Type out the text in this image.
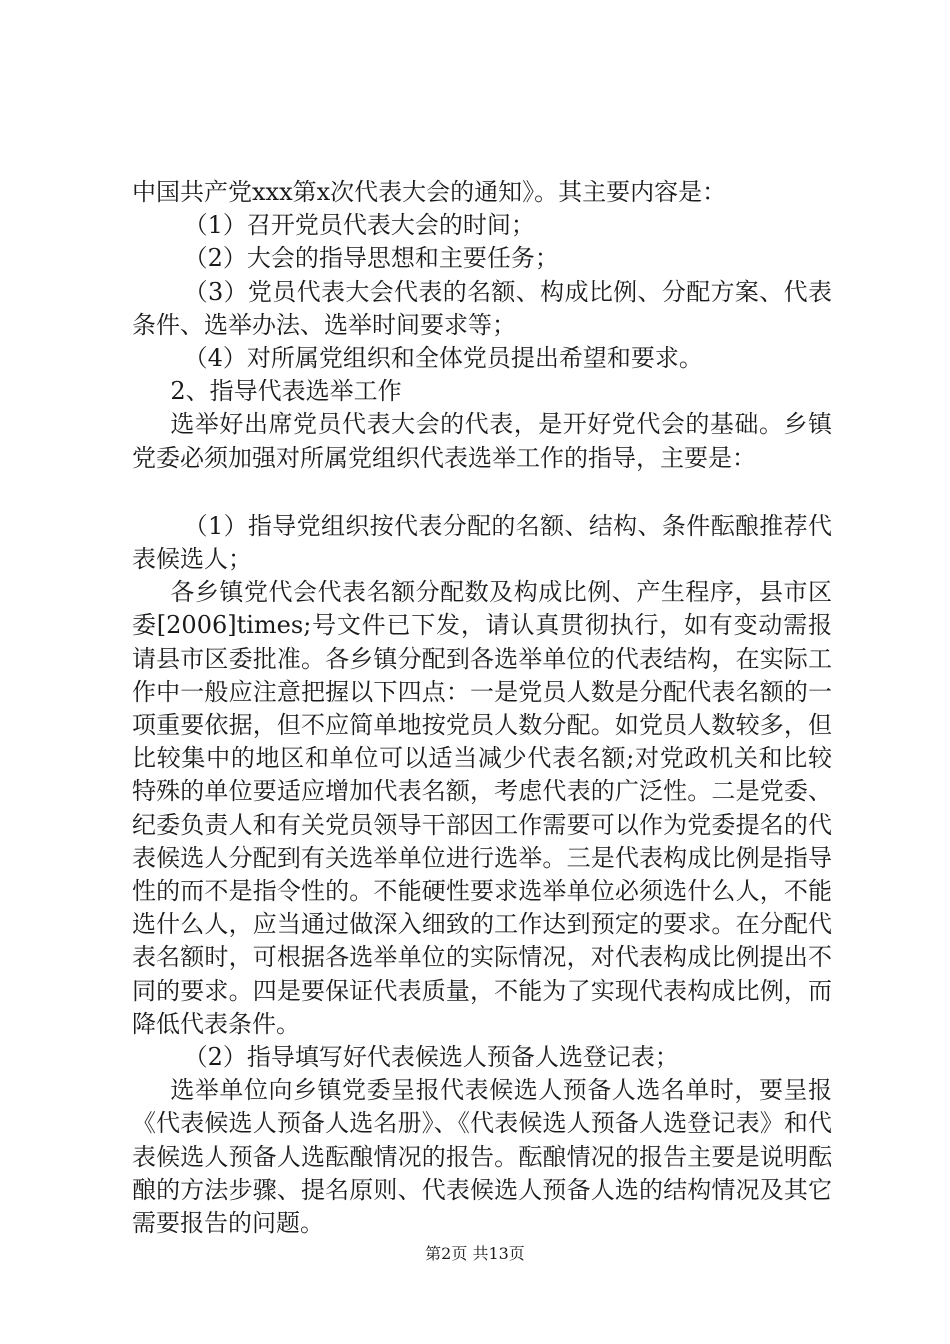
中国共产党xxx第x次代表大会的通知》。其主要内容是：

（1）召开党员代表大会的时间；

（2）大会的指导思想和主要任务；

（3）党员代表大会代表的名额、构成比例、分配方案、代表条件、选举办法、选举时间要求等；

（4）对所属党组织和全体党员提出希望和要求。

2、指导代表选举工作

选举好出席党员代表大会的代表，是开好党代会的基础。乡镇党委必须加强对所属党组织代表选举工作的指导，主要是：

（1）指导党组织按代表分配的名额、结构、条件酝酿推荐代表候选人；

各乡镇党代会代表名额分配数及构成比例、产生程序，县市区委[2006]times;号文件已下发，请认真贯彻执行，如有变动需报请县市区委批准。各乡镇分配到各选举单位的代表结构，在实际工作中一般应注意把握以下四点：一是党员人数是分配代表名额的一项重要依据，但不应简单地按党员人数分配。如党员人数较多，但比较集中的地区和单位可以适当减少代表名额;对党政机关和比较特殊的单位要适应增加代表名额，考虑代表的广泛性。二是党委、纪委负责人和有关党员领导干部因工作需要可以作为党委提名的代表候选人分配到有关选举单位进行选举。三是代表构成比例是指导性的而不是指令性的。不能硬性要求选举单位必须选什么人，不能选什么人，应当通过做深入细致的工作达到预定的要求。在分配代表名额时，可根据各选举单位的实际情况，对代表构成比例提出不同的要求。四是要保证代表质量，不能为了实现代表构成比例，而降低代表条件。

（2）指导填写好代表候选人预备人选登记表；

选举单位向乡镇党委呈报代表候选人预备人选名单时，要呈报《代表候选人预备人选名册》、《代表候选人预备人选登记表》和代表候选人预备人选酝酿情况的报告。酝酿情况的报告主要是说明酝酿的方法步骤、提名原则、代表候选人预备人选的结构情况及其它需要报告的问题。

第2页 共13页
